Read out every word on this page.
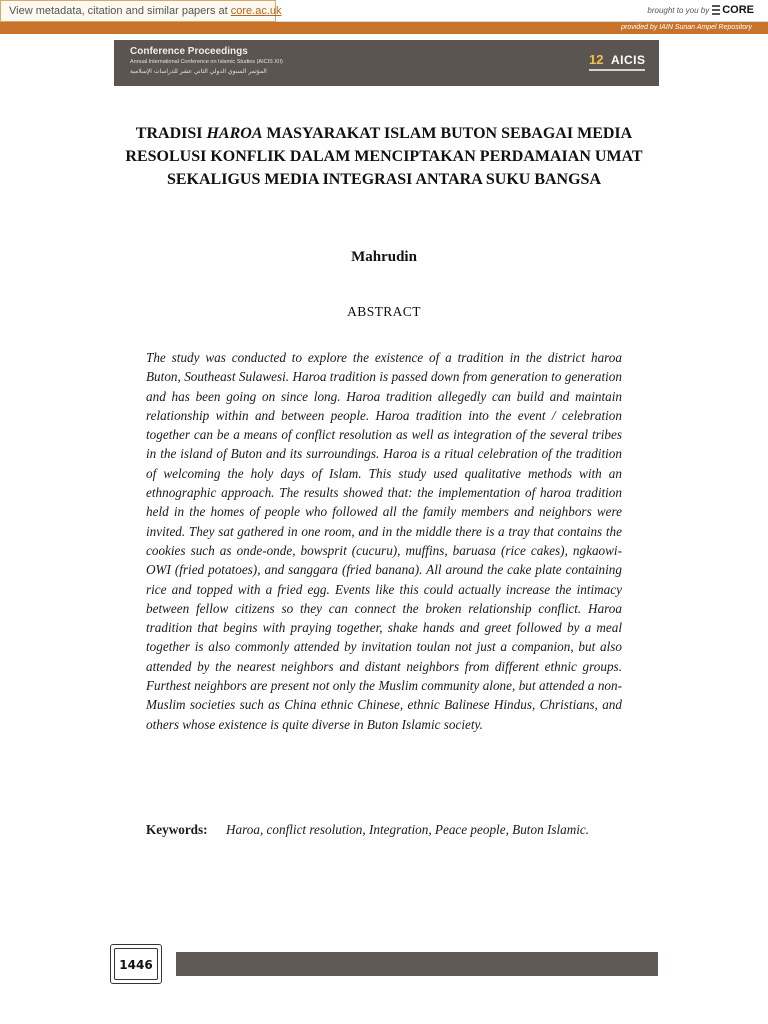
View metadata, citation and similar papers at core.ac.uk	brought to you by CORE
provided by IAIN Sunan Ampel Repository
Conference Proceedings
Annual International Conference on Islamic Studies (AICIS XII)
المؤتمر السنوي الدولي الثاني عشر للدراسات الإسلامية
12 AICIS
TRADISI HAROA MASYARAKAT ISLAM BUTON SEBAGAI MEDIA RESOLUSI KONFLIK DALAM MENCIPTAKAN PERDAMAIAN UMAT SEKALIGUS MEDIA INTEGRASI ANTARA SUKU BANGSA
Mahrudin
ABSTRACT
The study was conducted to explore the existence of a tradition in the district haroa Buton, Southeast Sulawesi. Haroa tradition is passed down from generation to generation and has been going on since long. Haroa tradition allegedly can build and maintain relationship within and between people. Haroa tradition into the event / celebration together can be a means of conflict resolution as well as integration of the several tribes in the island of Buton and its surroundings. Haroa is a ritual celebration of the tradition of welcoming the holy days of Islam. This study used qualitative methods with an ethnographic approach. The results showed that: the implementation of haroa tradition held in the homes of people who followed all the family members and neighbors were invited. They sat gathered in one room, and in the middle there is a tray that contains the cookies such as onde-onde, bowsprit (cucuru), muffins, baruasa (rice cakes), ngkaowi-OWI (fried potatoes), and sanggara (fried banana). All around the cake plate containing rice and topped with a fried egg. Events like this could actually increase the intimacy between fellow citizens so they can connect the broken relationship conflict. Haroa tradition that begins with praying together, shake hands and greet followed by a meal together is also commonly attended by invitation toulan not just a companion, but also attended by the nearest neighbors and distant neighbors from different ethnic groups. Furthest neighbors are present not only the Muslim community alone, but attended a non-Muslim societies such as China ethnic Chinese, ethnic Balinese Hindus, Christians, and others whose existence is quite diverse in Buton Islamic society.
Keywords:	Haroa, conflict resolution, Integration, Peace people, Buton Islamic.
1446
